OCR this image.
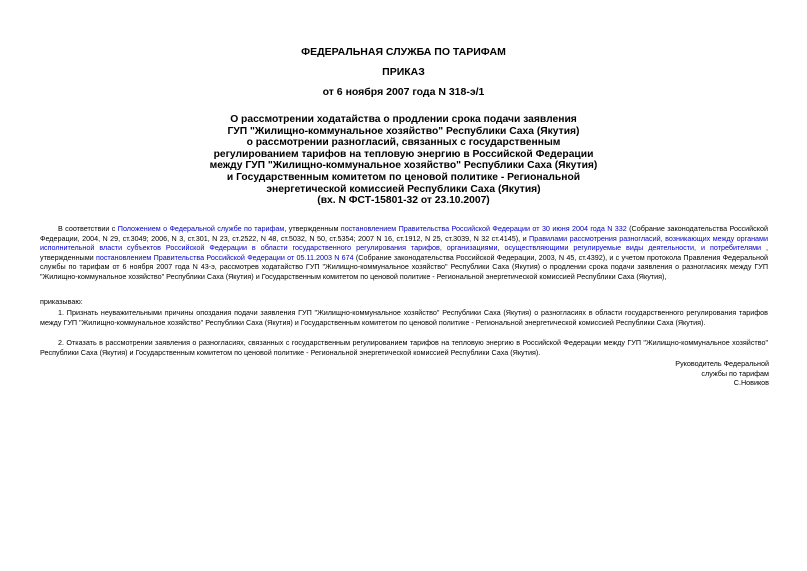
ФЕДЕРАЛЬНАЯ СЛУЖБА ПО ТАРИФАМ
ПРИКАЗ
от 6 ноября 2007 года N 318-э/1
О рассмотрении ходатайства о продлении срока подачи заявления
ГУП "Жилищно-коммунальное хозяйство" Республики Саха (Якутия)
о рассмотрении разногласий, связанных с государственным
регулированием тарифов на тепловую энергию в Российской Федерации
между ГУП "Жилищно-коммунальное хозяйство" Республики Саха (Якутия)
и Государственным комитетом по ценовой политике - Региональной
энергетической комиссией Республики Саха (Якутия)
(вх. N ФСТ-15801-32 от 23.10.2007)
В соответствии с Положением о Федеральной службе по тарифам, утвержденным постановлением Правительства Российской Федерации от 30 июня 2004 года N 332 (Собрание законодательства Российской Федерации, 2004, N 29, ст.3049; 2006, N 3, ст.301, N 23, ст.2522, N 48, ст.5032, N 50, ст.5354; 2007 N 16, ст.1912, N 25, ст.3039, N 32 ст.4145), и Правилами рассмотрения разногласий, возникающих между органами исполнительной власти субъектов Российской Федерации в области государственного регулирования тарифов, организациями, осуществляющими регулируемые виды деятельности, и потребителями , утвержденными постановлением Правительства Российской Федерации от 05.11.2003 N 674 (Собрание законодательства Российской Федерации, 2003, N 45, ст.4392), и с учетом протокола Правления Федеральной службы по тарифам от 6 ноября 2007 года N 43-э, рассмотрев ходатайство ГУП "Жилищно-коммунальное хозяйство" Республики Саха (Якутия) о продлении срока подачи заявления о разногласиях между ГУП "Жилищно-коммунальное хозяйство" Республики Саха (Якутия) и Государственным комитетом по ценовой политике - Региональной энергетической комиссией Республики Саха (Якутия),
приказываю:
1. Признать неуважительными причины опоздания подачи заявления ГУП "Жилищно-коммунальное хозяйство" Республики Саха (Якутия) о разногласиях в области государственного регулирования тарифов между ГУП "Жилищно-коммунальное хозяйство" Республики Саха (Якутия) и Государственным комитетом по ценовой политике - Региональной энергетической комиссией Республики Саха (Якутия).
2. Отказать в рассмотрении заявления о разногласиях, связанных с государственным регулированием тарифов на тепловую энергию в Российской Федерации между ГУП "Жилищно-коммунальное хозяйство" Республики Саха (Якутия) и Государственным комитетом по ценовой политике - Региональной энергетической комиссией Республики Саха (Якутия).
Руководитель Федеральной
службы по тарифам
С.Новиков
